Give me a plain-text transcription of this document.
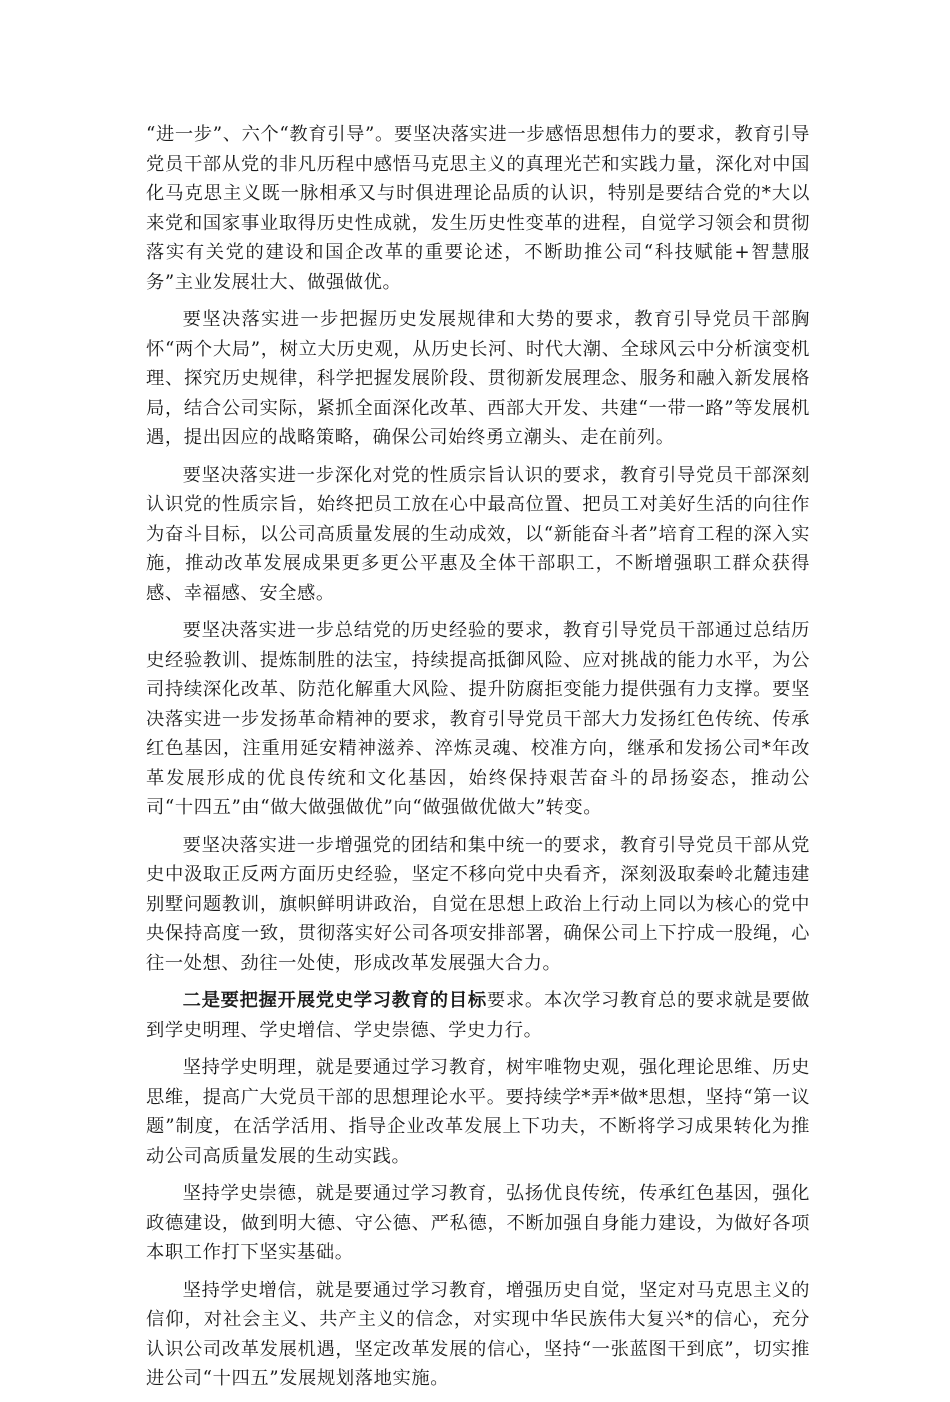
“进一步”、六个“教育引导”。要坚决落实进一步感悟思想伟力的要求，教育引导党员干部从党的非凡历程中感悟马克思主义的真理光芒和实践力量，深化对中国化马克思主义既一脉相承又与时俱进理论品质的认识，特别是要结合党的*大以来党和国家事业取得历史性成就，发生历史性变革的进程，自觉学习领会和贯彻落实有关党的建设和国企改革的重要论述，不断助推公司“科技赋能+智慧服务”主业发展壮大、做强做优。

要坚决落实进一步把握历史发展规律和大势的要求，教育引导党员干部胸怀“两个大局”，树立大历史观，从历史长河、时代大潮、全球风云中分析演变机理、探究历史规律，科学把握发展阶段、贯彻新发展理念、服务和融入新发展格局，结合公司实际，紧抓全面深化改革、西部大开发、共建“一带一路”等发展机遇，提出因应的战略策略，确保公司始终勇立潮头、走在前列。

要坚决落实进一步深化对党的性质宗旨认识的要求，教育引导党员干部深刻认识党的性质宗旨，始终把员工放在心中最高位置、把员工对美好生活的向往作为奋斗目标，以公司高质量发展的生动成效，以“新能奋斗者”培育工程的深入实施，推动改革发展成果更多更公平惠及全体干部职工，不断增强职工群众获得感、幸福感、安全感。

要坚决落实进一步总结党的历史经验的要求，教育引导党员干部通过总结历史经验教训、提炼制胜的法宝，持续提高抵御风险、应对挑战的能力水平，为公司持续深化改革、防范化解重大风险、提升防腐拒变能力提供强有力支撑。要坚决落实进一步发扬革命精神的要求，教育引导党员干部大力发扬红色传统、传承红色基因，注重用延安精神滋养、淬炼灵魂、校准方向，继承和发扬公司*年改革发展形成的优良传统和文化基因，始终保持艰苦奋斗的昂扬姿态，推动公司“十四五”由“做大做强做优”向“做强做优做大”转变。

要坚决落实进一步增强党的团结和集中统一的要求，教育引导党员干部从党史中汲取正反两方面历史经验，坚定不移向党中央看齐，深刻汲取秦岭北麓违建别墅问题教训，旗帜鲜明讲政治，自觉在思想上政治上行动上同以为核心的党中央保持高度一致，贯彻落实好公司各项安排部署，确保公司上下拧成一股绳，心往一处想、劲往一处使，形成改革发展强大合力。

二是要把握开展党史学习教育的目标要求。本次学习教育总的要求就是要做到学史明理、学史增信、学史崇德、学史力行。

坚持学史明理，就是要通过学习教育，树牢唯物史观，强化理论思维、历史思维，提高广大党员干部的思想理论水平。要持续学*弄*做*思想，坚持“第一议题”制度，在活学活用、指导企业改革发展上下功夫，不断将学习成果转化为推动公司高质量发展的生动实践。

坚持学史崇德，就是要通过学习教育，弘扬优良传统，传承红色基因，强化政德建设，做到明大德、守公德、严私德，不断加强自身能力建设，为做好各项本职工作打下坚实基础。

坚持学史增信，就是要通过学习教育，增强历史自觉，坚定对马克思主义的信仰，对社会主义、共产主义的信念，对实现中华民族伟大复兴*的信心，充分认识公司改革发展机遇，坚定改革发展的信心，坚持“一张蓝图干到底”，切实推进公司“十四五”发展规划落地实施。
